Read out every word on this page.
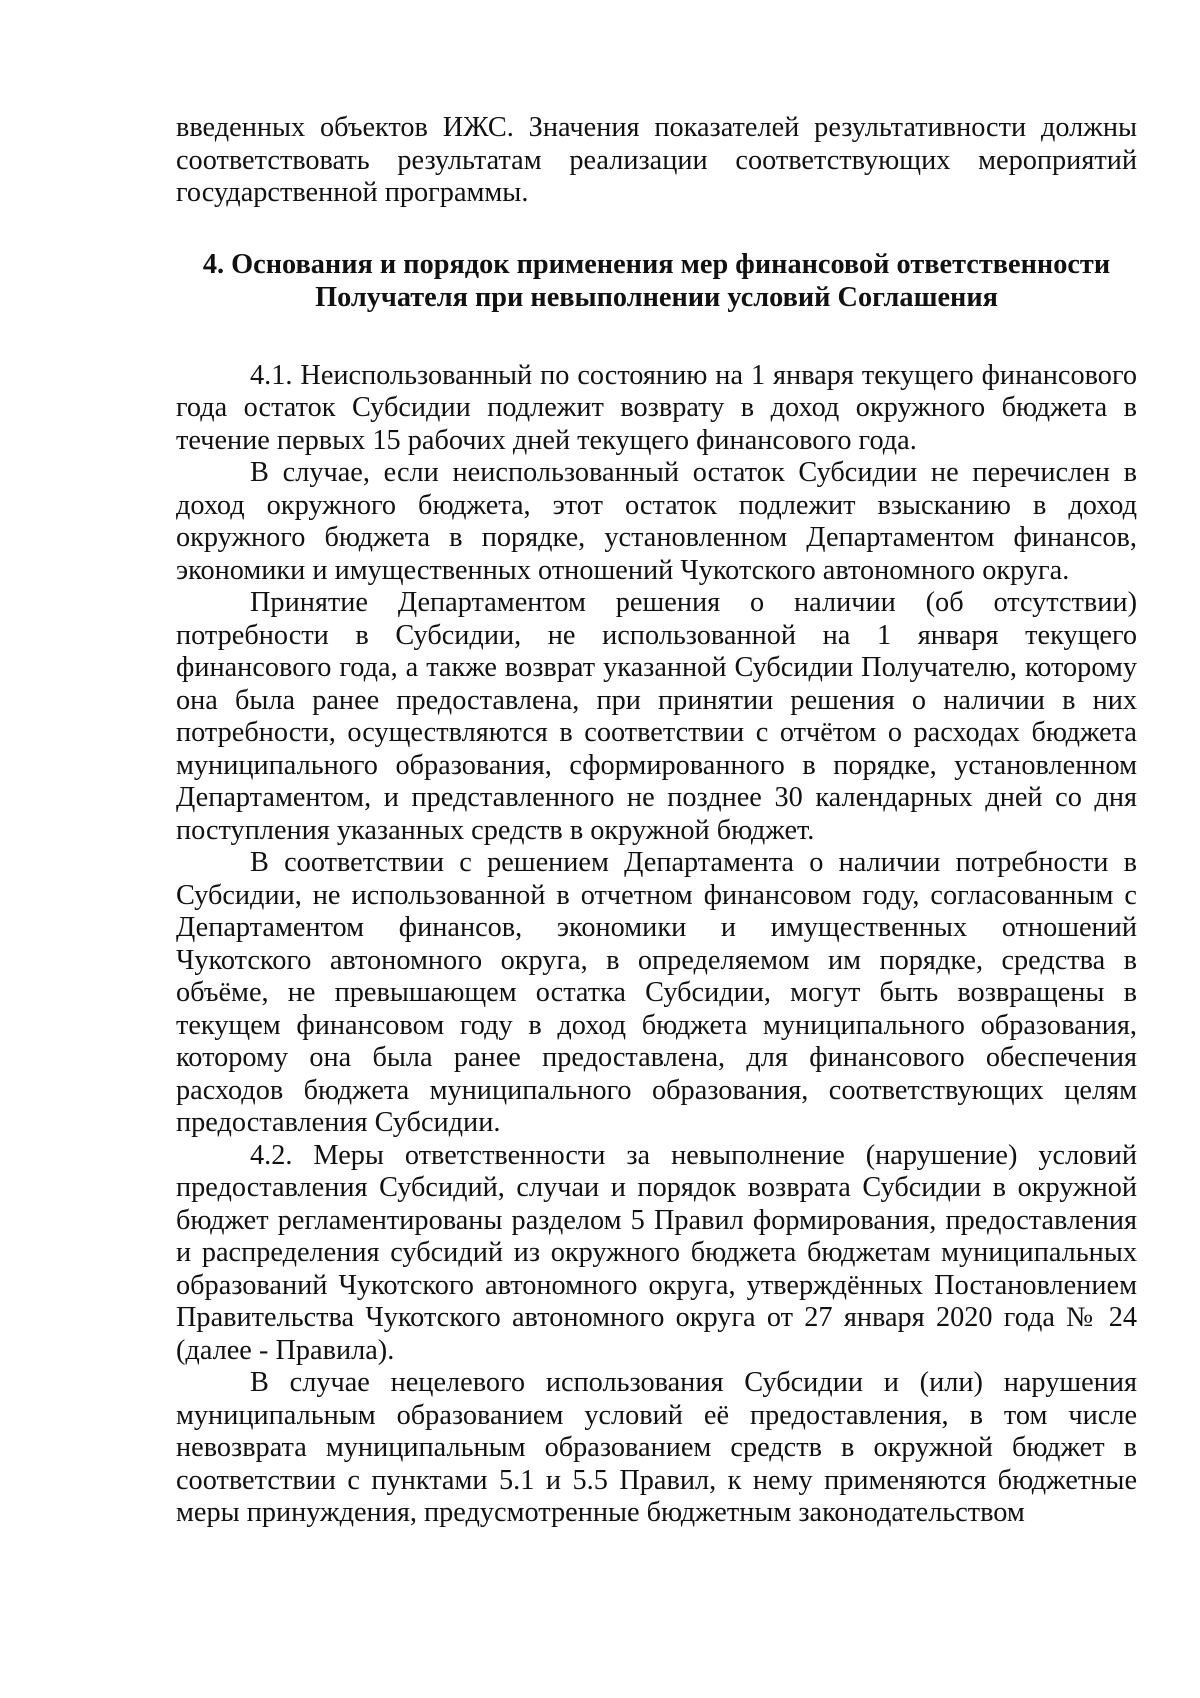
введенных объектов ИЖС. Значения показателей результативности должны соответствовать результатам реализации соответствующих мероприятий государственной программы.

4. Основания и порядок применения мер финансовой ответственности
Получателя при невыполнении условий Соглашения

4.1. Неиспользованный по состоянию на 1 января текущего финансового года остаток Субсидии подлежит возврату в доход окружного бюджета в течение первых 15 рабочих дней текущего финансового года.

В случае, если неиспользованный остаток Субсидии не перечислен в доход окружного бюджета, этот остаток подлежит взысканию в доход окружного бюджета в порядке, установленном Департаментом финансов, экономики и имущественных отношений Чукотского автономного округа.

Принятие Департаментом решения о наличии (об отсутствии) потребности в Субсидии, не использованной на 1 января текущего финансового года, а также возврат указанной Субсидии Получателю, которому она была ранее предоставлена, при принятии решения о наличии в них потребности, осуществляются в соответствии с отчётом о расходах бюджета муниципального образования, сформированного в порядке, установленном Департаментом, и представленного не позднее 30 календарных дней со дня поступления указанных средств в окружной бюджет.

В соответствии с решением Департамента о наличии потребности в Субсидии, не использованной в отчетном финансовом году, согласованным с Департаментом финансов, экономики и имущественных отношений Чукотского автономного округа, в определяемом им порядке, средства в объёме, не превышающем остатка Субсидии, могут быть возвращены в текущем финансовом году в доход бюджета муниципального образования, которому она была ранее предоставлена, для финансового обеспечения расходов бюджета муниципального образования, соответствующих целям предоставления Субсидии.

4.2. Меры ответственности за невыполнение (нарушение) условий предоставления Субсидий, случаи и порядок возврата Субсидии в окружной бюджет регламентированы разделом 5 Правил формирования, предоставления и распределения субсидий из окружного бюджета бюджетам муниципальных образований Чукотского автономного округа, утверждённых Постановлением Правительства Чукотского автономного округа от 27 января 2020 года № 24 (далее - Правила).

В случае нецелевого использования Субсидии и (или) нарушения муниципальным образованием условий её предоставления, в том числе невозврата муниципальным образованием средств в окружной бюджет в соответствии с пунктами 5.1 и 5.5 Правил, к нему применяются бюджетные меры принуждения, предусмотренные бюджетным законодательством
